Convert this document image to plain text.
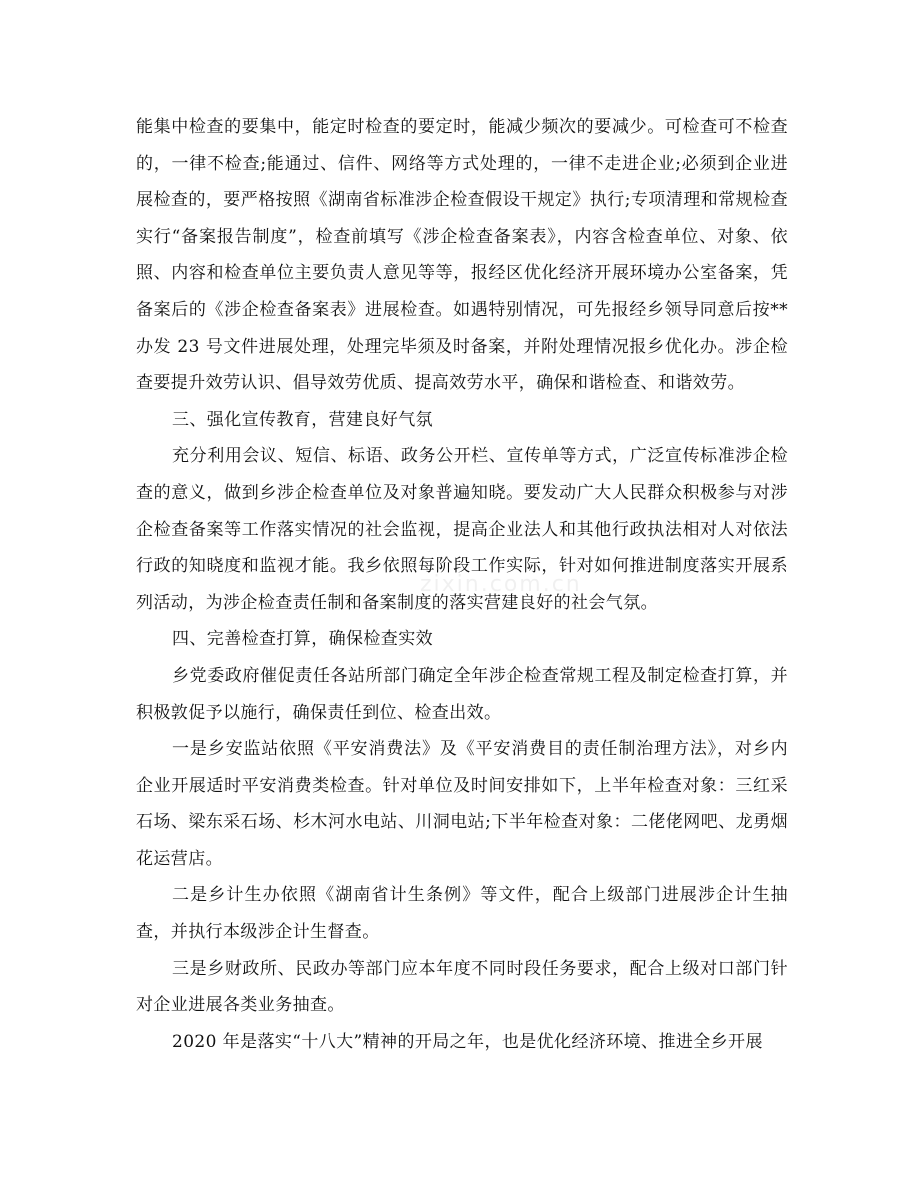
能集中检查的要集中，能定时检查的要定时，能减少频次的要减少。可检查可不检查的，一律不检查;能通过、信件、网络等方式处理的，一律不走进企业;必须到企业进展检查的，要严格按照《湖南省标准涉企检查假设干规定》执行;专项清理和常规检查实行“备案报告制度”，检查前填写《涉企检查备案表》，内容含检查单位、对象、依照、内容和检查单位主要负责人意见等等，报经区优化经济开展环境办公室备案，凭备案后的《涉企检查备案表》进展检查。如遇特别情况，可先报经乡领导同意后按**办发 23 号文件进展处理，处理完毕须及时备案，并附处理情况报乡优化办。涉企检查要提升效劳认识、倡导效劳优质、提高效劳水平，确保和谐检查、和谐效劳。

三、强化宣传教育，营建良好气氛

充分利用会议、短信、标语、政务公开栏、宣传单等方式，广泛宣传标准涉企检查的意义，做到乡涉企检查单位及对象普遍知晓。要发动广大人民群众积极参与对涉企检查备案等工作落实情况的社会监视，提高企业法人和其他行政执法相对人对依法行政的知晓度和监视才能。我乡依照每阶段工作实际，针对如何推进制度落实开展系列活动，为涉企检查责任制和备案制度的落实营建良好的社会气氛。

四、完善检查打算，确保检查实效

乡党委政府催促责任各站所部门确定全年涉企检查常规工程及制定检查打算，并积极敦促予以施行，确保责任到位、检查出效。

一是乡安监站依照《平安消费法》及《平安消费目的责任制治理方法》，对乡内企业开展适时平安消费类检查。针对单位及时间安排如下，上半年检查对象：三红采石场、梁东采石场、杉木河水电站、川洞电站;下半年检查对象：二佬佬网吧、龙勇烟花运营店。

二是乡计生办依照《湖南省计生条例》等文件，配合上级部门进展涉企计生抽查，并执行本级涉企计生督查。

三是乡财政所、民政办等部门应本年度不同时段任务要求，配合上级对口部门针对企业进展各类业务抽查。

2020 年是落实“十八大”精神的开局之年，也是优化经济环境、推进全乡开展

zixin.com.cn
